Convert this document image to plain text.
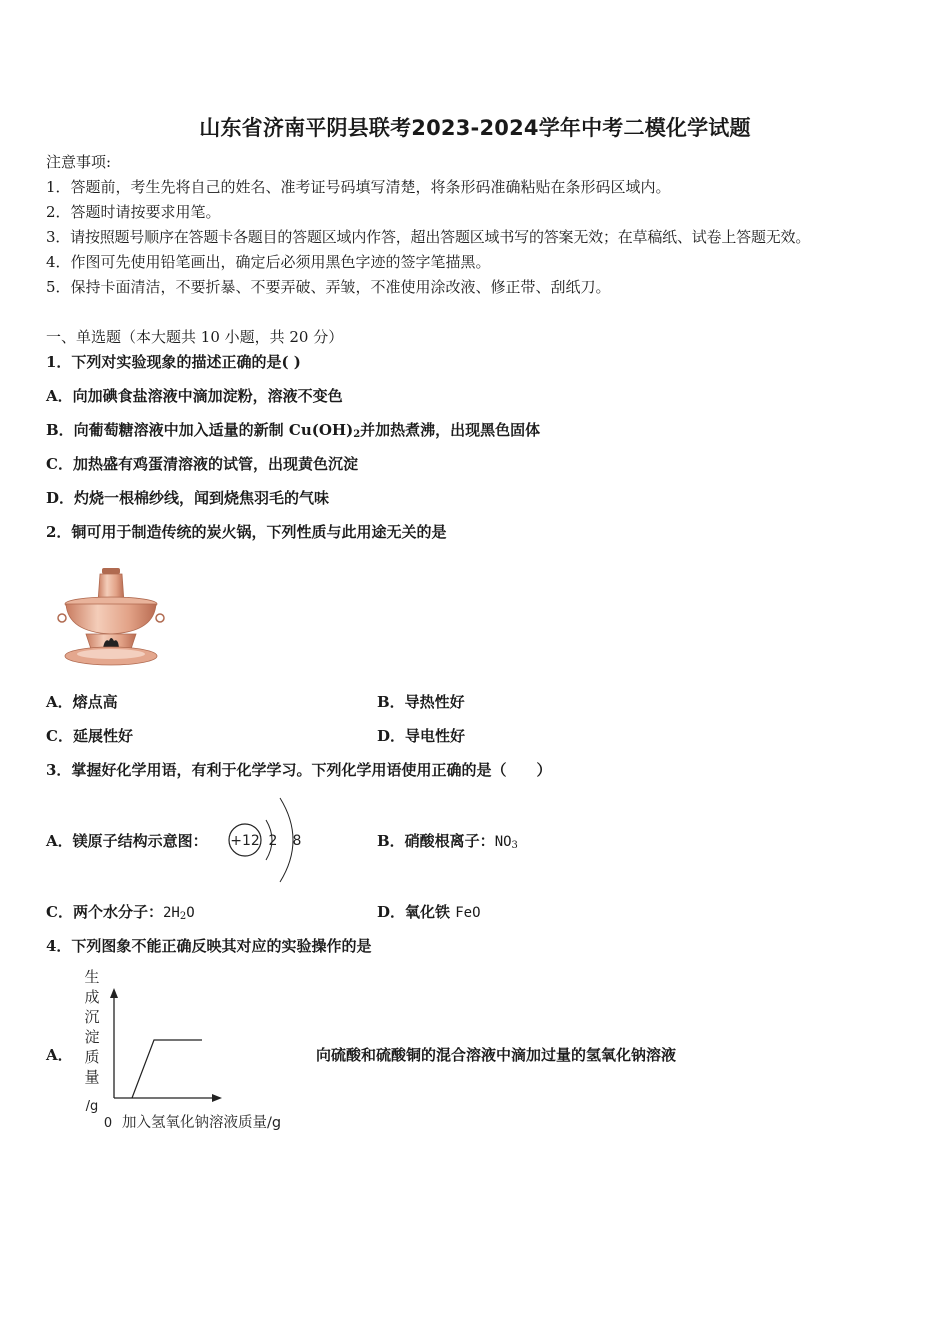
山东省济南平阴县联考2023-2024学年中考二模化学试题
注意事项:
1．答题前，考生先将自己的姓名、准考证号码填写清楚，将条形码准确粘贴在条形码区域内。
2．答题时请按要求用笔。
3．请按照题号顺序在答题卡各题目的答题区域内作答，超出答题区域书写的答案无效；在草稿纸、试卷上答题无效。
4．作图可先使用铅笔画出，确定后必须用黑色字迹的签字笔描黑。
5．保持卡面清洁，不要折暴、不要弄破、弄皱，不准使用涂改液、修正带、刮纸刀。
一、单选题（本大题共 10 小题，共 20 分）
1．下列对实验现象的描述正确的是( )
A．向加碘食盐溶液中滴加淀粉，溶液不变色
B．向葡萄糖溶液中加入适量的新制 $Cu(OH)_2$并加热煮沸，出现黑色固体
C．加热盛有鸡蛋清溶液的试管，出现黄色沉淀
D．灼烧一根棉纱线，闻到烧焦羽毛的气味
2．铜可用于制造传统的炭火锅，下列性质与此用途无关的是
A．熔点高	B．导热性好
C．延展性好	D．导电性好
3．掌握好化学用语，有利于化学学习。下列化学用语使用正确的是（　　）
A．镁原子结构示意图： +12 2 8	B．硝酸根离子：$NO_3$
C．两个水分子：$2H_2O$	D．氧化铁 FeO
4．下列图象不能正确反映其对应的实验操作的是
A．
生
成
沉
淀
质
量
/g
0 加入氢氧化钠溶液质量/g
向硫酸和硫酸铜的混合溶液中滴加过量的氢氧化钠溶液
